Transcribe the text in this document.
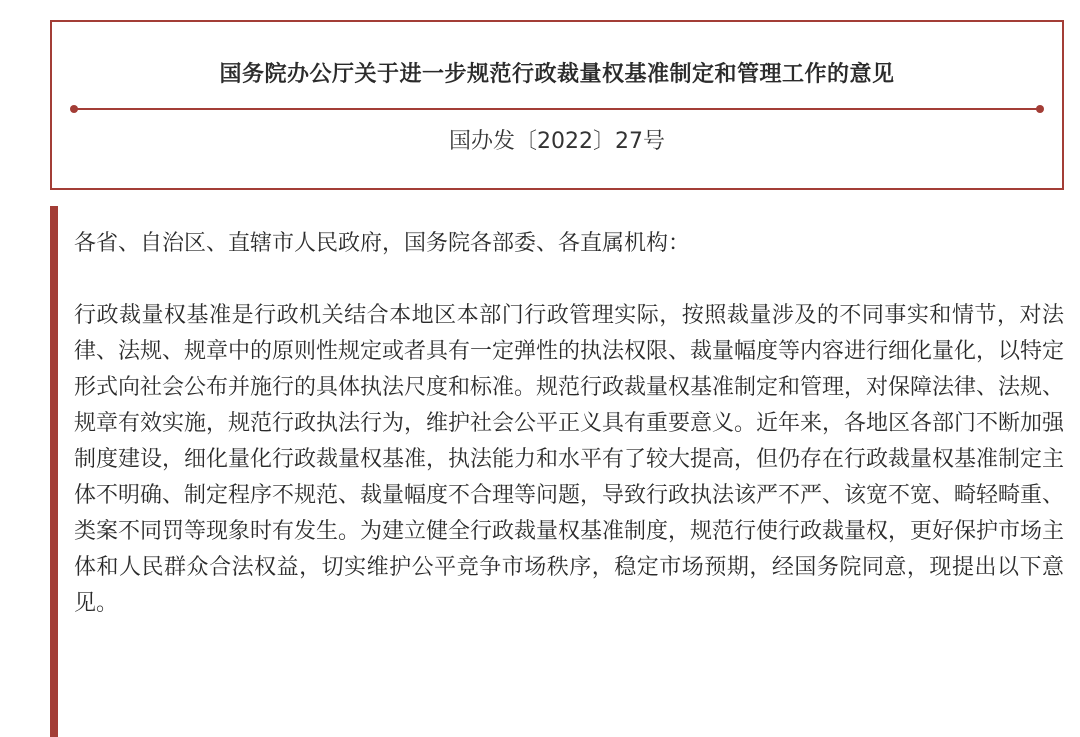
国务院办公厅关于进一步规范行政裁量权基准制定和管理工作的意见
国办发〔2022〕27号

各省、自治区、直辖市人民政府，国务院各部委、各直属机构：

行政裁量权基准是行政机关结合本地区本部门行政管理实际，按照裁量涉及的不同事实和情节，对法律、法规、规章中的原则性规定或者具有一定弹性的执法权限、裁量幅度等内容进行细化量化，以特定形式向社会公布并施行的具体执法尺度和标准。规范行政裁量权基准制定和管理，对保障法律、法规、规章有效实施，规范行政执法行为，维护社会公平正义具有重要意义。近年来，各地区各部门不断加强制度建设，细化量化行政裁量权基准，执法能力和水平有了较大提高，但仍存在行政裁量权基准制定主体不明确、制定程序不规范、裁量幅度不合理等问题，导致行政执法该严不严、该宽不宽、畸轻畸重、类案不同罚等现象时有发生。为建立健全行政裁量权基准制度，规范行使行政裁量权，更好保护市场主体和人民群众合法权益，切实维护公平竞争市场秩序，稳定市场预期，经国务院同意，现提出以下意见。
